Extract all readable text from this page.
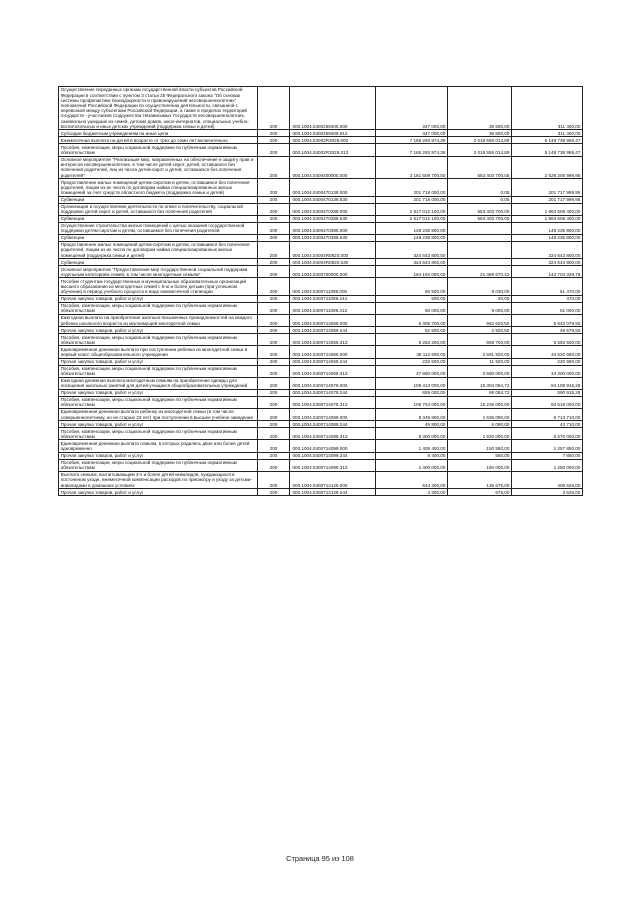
Осуществление переданных органам государственной власти субъектов Российской Федерации в соответствии с пунктом 3 статьи 25 Федерального закона "Об основах системы профилактики безнадзорности и правонарушений несовершеннолетних" полномочий Российской Федерации по осуществлению деятельности, связанной с перевозкой между субъектами Российской Федерации, а также в пределах территорий государств - участников Содружества Независимых Государств несовершеннолетних, самовольно ушедших из семей, детских домов, школ-интернатов, специальных учебно-воспитательных и иных детских учреждений (поддержка семьи и детей)	200	000.1004.0400259409.000	347 000,00	35 600,00	311 400,00
Субсидии бюджетным учреждениям на иные цели	200	000.1004.0400259409.612	347 000,00	35 600,00	311 400,00
Ежемесячная выплата на детей в возрасте от трех до семи лет включительно	200	000.1004.04002R3029.000	7 165 293 974,36	2 016 555 014,89	5 148 738 959,47
Пособия, компенсации, меры социальной поддержки по публичным нормативным обязательствам	200	000.1004.04002R3029.313	7 165 293 974,36	2 016 555 014,89	5 148 738 959,47
Основное мероприятие "Реализация мер, направленных на обеспечение и защиту прав и интересов несовершеннолетних, в том числе детей-сирот, детей, оставшихся без попечения родителей, лиц из числа детей-сирот и детей, оставшихся без попечения родителей"	200	000.1004.0400400000.000	3 181 609 700,00	553 403 700,05	2 628 205 999,95
Предоставление жилых помещений детям-сиротам и детям, оставшимся без попечения родителей, лицам из их числа по договорам найма специализированных жилых помещений за счет средств областного бюджета (поддержка семьи и детей)	200	000.1004.0400470139.000	201 718 000,00	0,05	201 717 999,95
Субвенции	200	000.1004.0400470139.530	201 718 000,00	0,05	201 717 999,95
Организация и осуществление деятельности по опеке и попечительству, социальной поддержке детей-сирот и детей, оставшихся без попечения родителей	200	000.1004.0400470289.000	2 517 012 100,00	553 403 700,00	1 963 608 400,00
Субвенции	200	000.1004.0400470289.530	2 517 012 100,00	553 403 700,00	1 963 608 400,00
Осуществление строительства жилых помещений с целью оказания государственной поддержки детям-сиротам и детям, оставшимся без попечения родителей	200	000.1004.0400470399.000	148 235 800,00		148 235 800,00
Субвенции	200	000.1004.0400470399.530	148 235 800,00		148 235 800,00
Предоставление жилых помещений детям-сиротам и детям, оставшимся без попечения родителей, лицам из их числа по договорам найма специализированных жилых помещений (поддержка семьи и детей)	200	000.1004.04004R0820.000	324 643 800,00		324 643 800,00
Субвенции	200	000.1004.04004R0820.530	324 643 800,00		324 643 800,00
Основное мероприятие "Предоставление мер государственной социальной поддержки отдельным категориям семей, в том числе многодетным семьям"	200	000.1004.0400700000.000	164 194 000,00	21 489 670,22	142 704 329,78
Пособие студентам государственных и муниципальных образовательных организаций высшего образования из многодетных семей с 5-ю и более детьми (при успешном обучении) в период учебного процесса в виде ежемесячной стипендии	200	000.1004.0400711099.000	60 500,00	9 030,00	51 470,00
Прочая закупка товаров, работ и услуг	200	000.1004.0400711099.244	500,00	30,00	470,00
Пособия, компенсации, меры социальной поддержки по публичным нормативным обязательствам	200	000.1004.0400711099.313	60 000,00	9 000,00	51 000,00
Ежегодная выплата на приобретение школьно-письменных принадлежностей на каждого ребенка школьного возраста из малоимущей многодетной семьи	200	000.1004.0400714059.000	6 305 700,00	662 620,50	5 643 079,50
Прочая закупка товаров, работ и услуг	200	000.1004.0400714059.244	52 500,00	2 920,50	49 579,50
Пособия, компенсации, меры социальной поддержки по публичным нормативным обязательствам	200	000.1004.0400714059.313	6 253 200,00	659 700,00	5 593 500,00
Единовременная денежная выплата при поступлении ребенка из многодетной семьи в первый класс общеобразовательного учреждения	200	000.1004.0400714069.000	38 112 600,00	3 591 920,00	34 520 680,00
Прочая закупка товаров, работ и услуг	200	000.1004.0400714069.244	232 600,00	11 920,00	220 680,00
Пособия, компенсации, меры социальной поддержки по публичным нормативным обязательствам	200	000.1004.0400714069.313	37 880 000,00	3 580 000,00	34 300 000,00
Ежегодная денежная выплата многодетным семьям на приобретение одежды для посещения школьных занятий для детей-учащихся общеобразовательных учреждений	200	000.1004.0400714079.000	109 413 000,00	15 304 084,72	94 108 915,28
Прочая закупка товаров, работ и услуг	200	000.1004.0400714079.244	659 000,00	68 084,72	590 915,28
Пособия, компенсации, меры социальной поддержки по публичным нормативным обязательствам	200	000.1004.0400714079.313	108 754 000,00	15 236 000,00	93 518 000,00
Единовременная денежная выплата ребенку из многодетной семьи (в том числе совершеннолетнему, но не старше 23 лет) при поступлении в высшее учебное заведение	200	000.1004.0400714089.000	8 349 800,00	1 636 090,00	6 713 710,00
Прочая закупка товаров, работ и услуг	200	000.1004.0400714089.244	49 800,00	6 090,00	43 710,00
Пособия, компенсации, меры социальной поддержки по публичным нормативным обязательствам	200	000.1004.0400714089.313	8 300 000,00	1 630 000,00	6 670 000,00
Единовременная денежная выплата семьям, в которых родились двое или более детей одновременно	200	000.1004.0400714099.000	1 408 400,00	150 550,00	1 257 850,00
Прочая закупка товаров, работ и услуг	200	000.1004.0400714099.244	8 400,00	550,00	7 850,00
Пособия, компенсации, меры социальной поддержки по публичным нормативным обязательствам	200	000.1004.0400714099.313	1 400 000,00	150 000,00	1 250 000,00
Выплата семьям, воспитывающим 3-х и более детей-инвалидов, нуждающихся в постоянном уходе, ежемесячной компенсации расходов по присмотру и уходу за детьми-инвалидами в домашних условиях	200	000.1004.0400714129.000	544 300,00	135 675,00	408 625,00
Прочая закупка товаров, работ и услуг	200	000.1004.0400714129.244	4 300,00	675,00	3 625,00
Страница 95 из 108
